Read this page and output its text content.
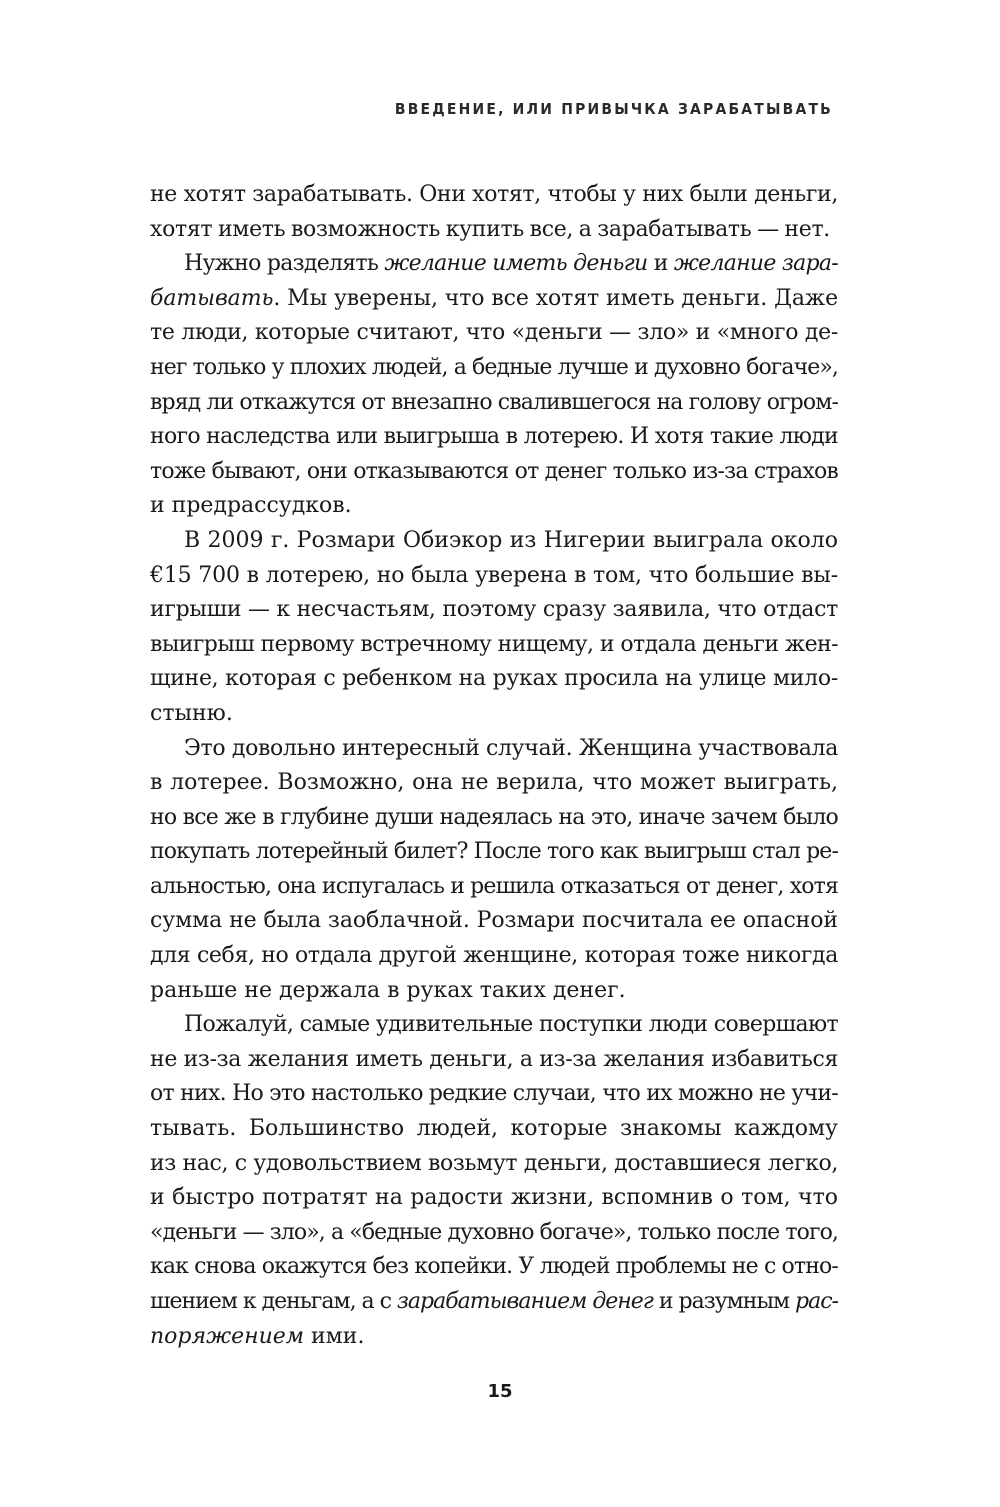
ВВЕДЕНИЕ, ИЛИ ПРИВЫЧКА ЗАРАБАТЫВАТЬ
не хотят зарабатывать. Они хотят, чтобы у них были деньги,
хотят иметь возможность купить все, а зарабатывать — нет.
Нужно разделять желание иметь деньги и желание зара-
батывать. Мы уверены, что все хотят иметь деньги. Даже
те люди, которые считают, что «деньги — зло» и «много де-
нег только у плохих людей, а бедные лучше и духовно богаче»,
вряд ли откажутся от внезапно свалившегося на голову огром-
ного наследства или выигрыша в лотерею. И хотя такие люди
тоже бывают, они отказываются от денег только из-за страхов
и предрассудков.
В 2009 г. Розмари Обиэкор из Нигерии выиграла около
€15 700 в лотерею, но была уверена в том, что большие вы-
игрыши — к несчастьям, поэтому сразу заявила, что отдаст
выигрыш первому встречному нищему, и отдала деньги жен-
щине, которая с ребенком на руках просила на улице мило-
стыню.
Это довольно интересный случай. Женщина участвовала
в лотерее. Возможно, она не верила, что может выиграть,
но все же в глубине души надеялась на это, иначе зачем было
покупать лотерейный билет? После того как выигрыш стал ре-
альностью, она испугалась и решила отказаться от денег, хотя
сумма не была заоблачной. Розмари посчитала ее опасной
для себя, но отдала другой женщине, которая тоже никогда
раньше не держала в руках таких денег.
Пожалуй, самые удивительные поступки люди совершают
не из-за желания иметь деньги, а из-за желания избавиться
от них. Но это настолько редкие случаи, что их можно не учи-
тывать. Большинство людей, которые знакомы каждому
из нас, с удовольствием возьмут деньги, доставшиеся легко,
и быстро потратят на радости жизни, вспомнив о том, что
«деньги — зло», а «бедные духовно богаче», только после того,
как снова окажутся без копейки. У людей проблемы не с отно-
шением к деньгам, а с зарабатыванием денег и разумным рас-
поряжением ими.
15
